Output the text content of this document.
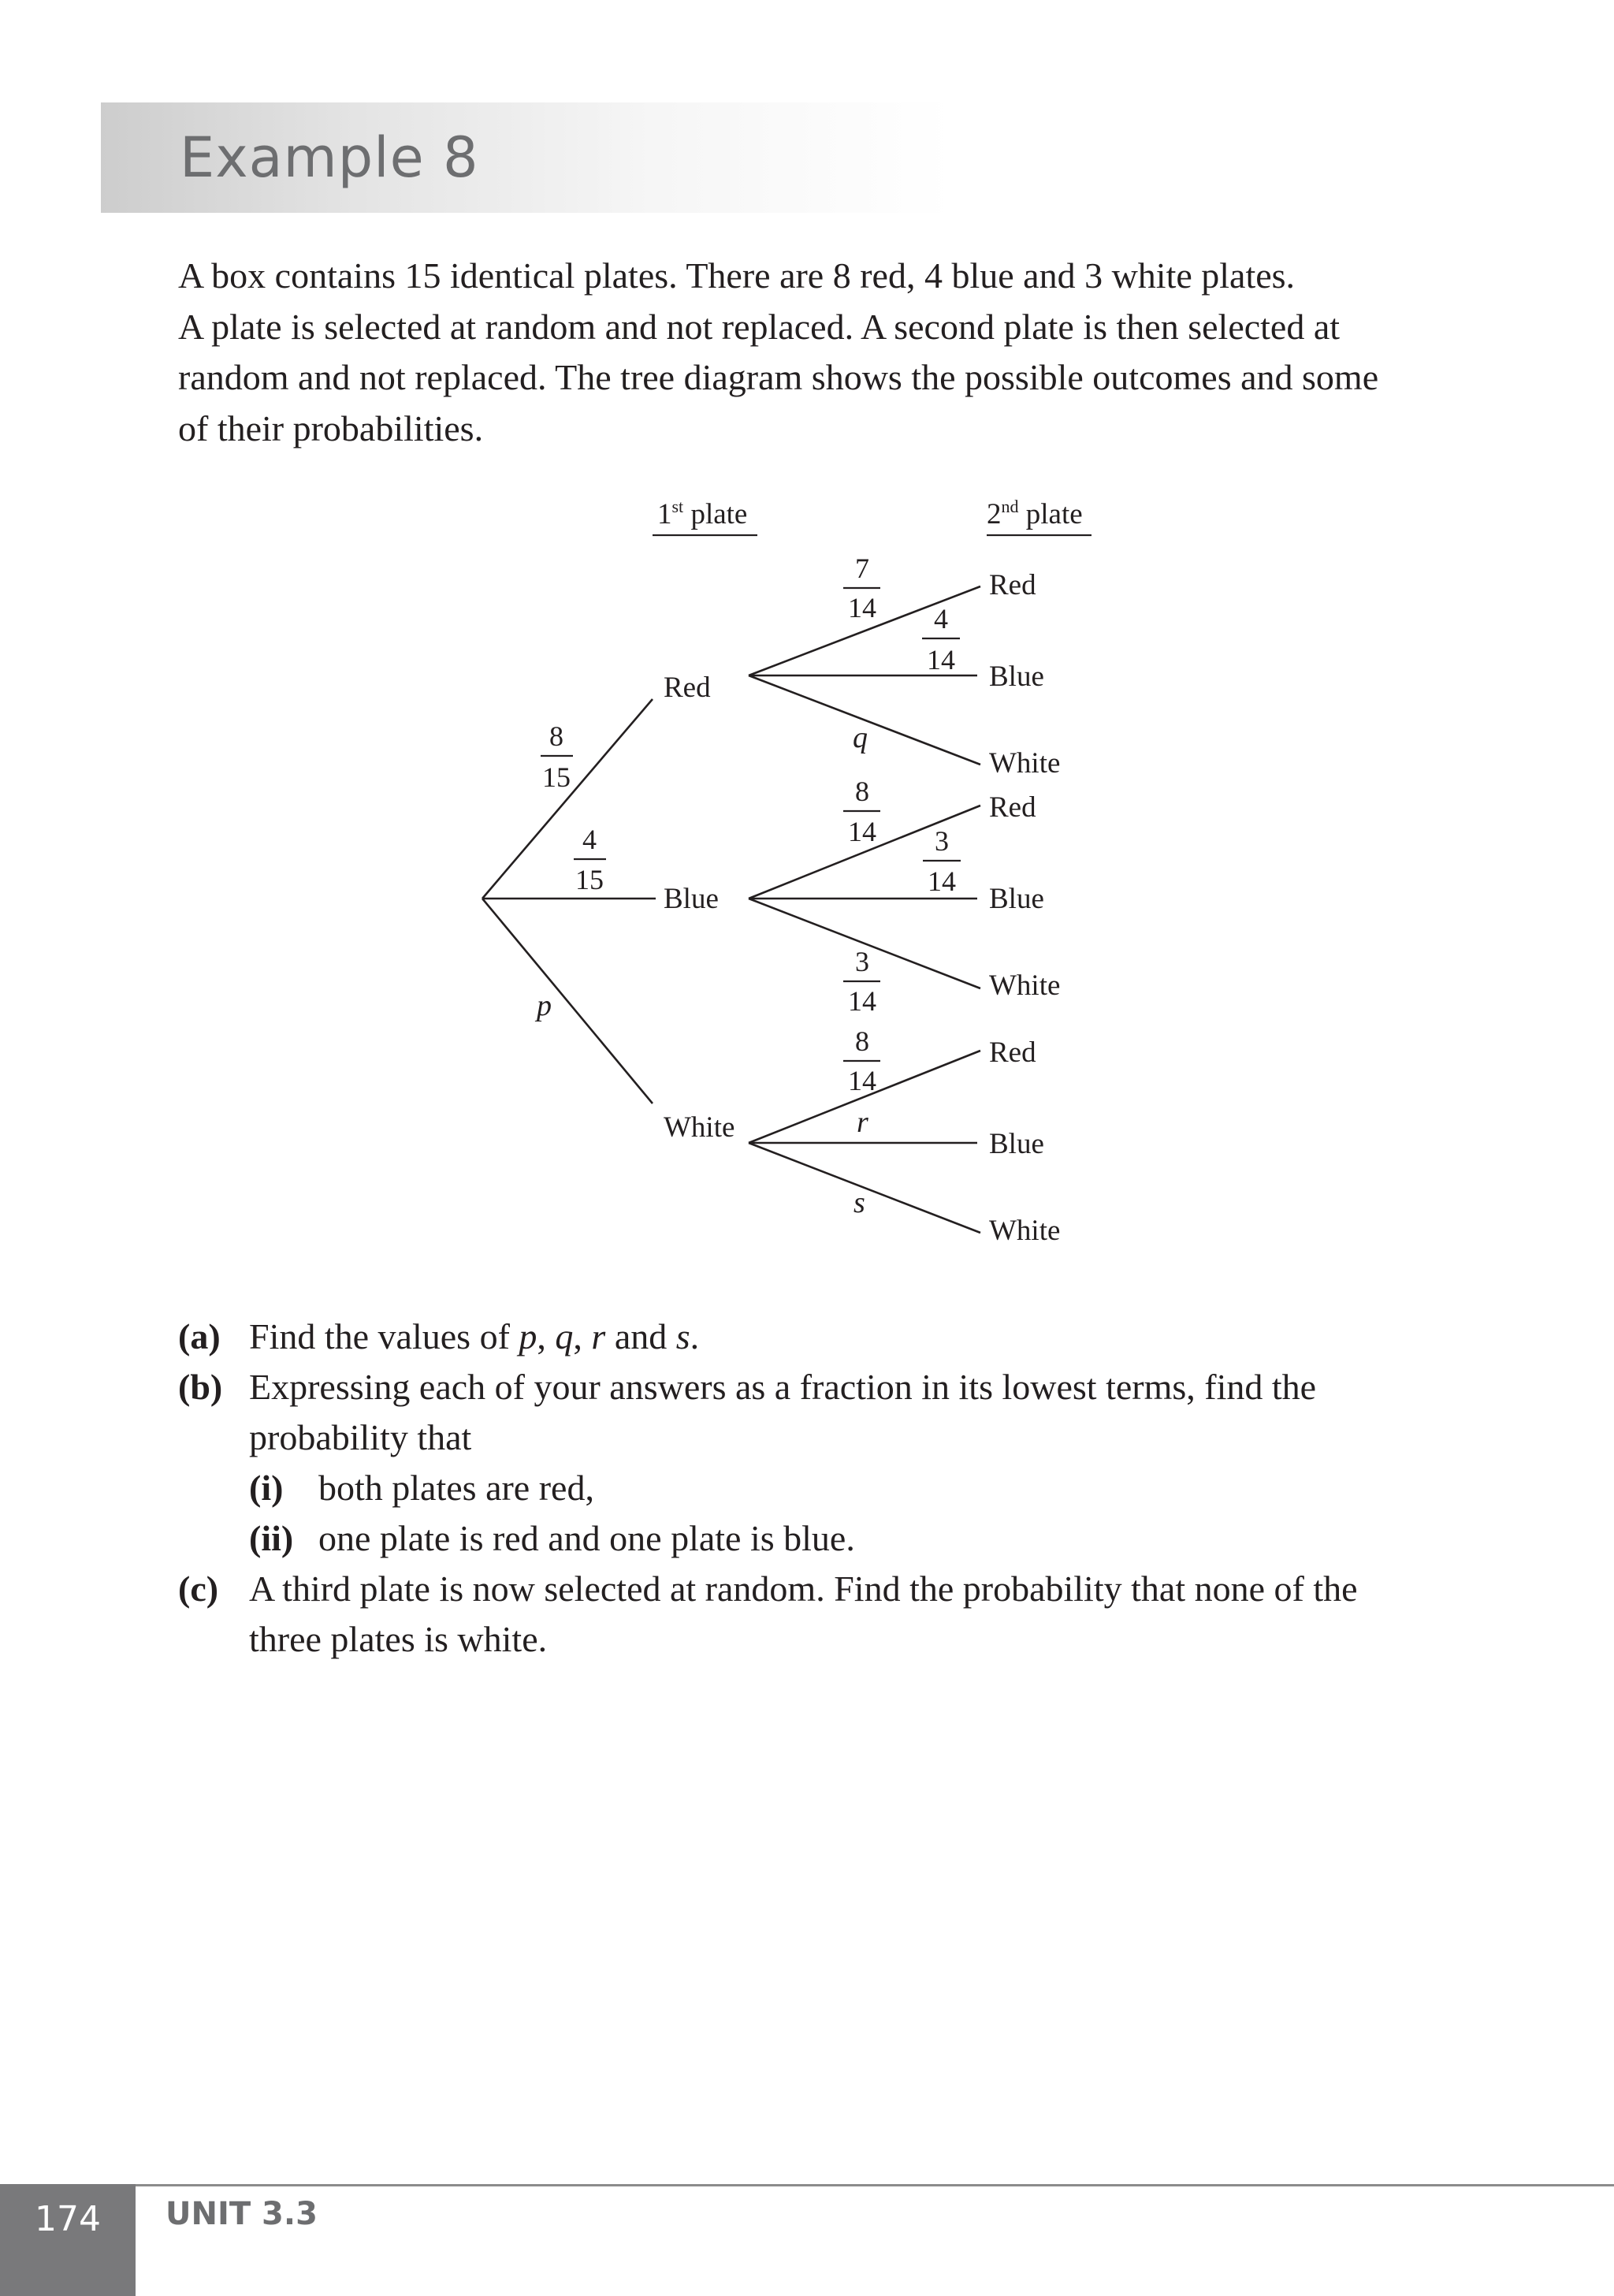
Example 8

A box contains 15 identical plates. There are 8 red, 4 blue and 3 white plates.

A plate is selected at random and not replaced. A second plate is then selected at

random and not replaced. The tree diagram shows the possible outcomes and some

of their probabilities.

1st plate	2nd plate
Red
Blue
White
8
15
4
15
p
Red
Blue
White
Red
Blue
White
Red
Blue
White
7
14 4
14
q
8
14 3
14
3
14
8
14
r
s
(a) Find the values of p, q, r and s.
(b) Expressing each of your answers as a fraction in its lowest terms, find the
probability that
(i) both plates are red,
(ii) one plate is red and one plate is blue.
(c) A third plate is now selected at random. Find the probability that none of the
three plates is white.
174	UNIT 3.3
